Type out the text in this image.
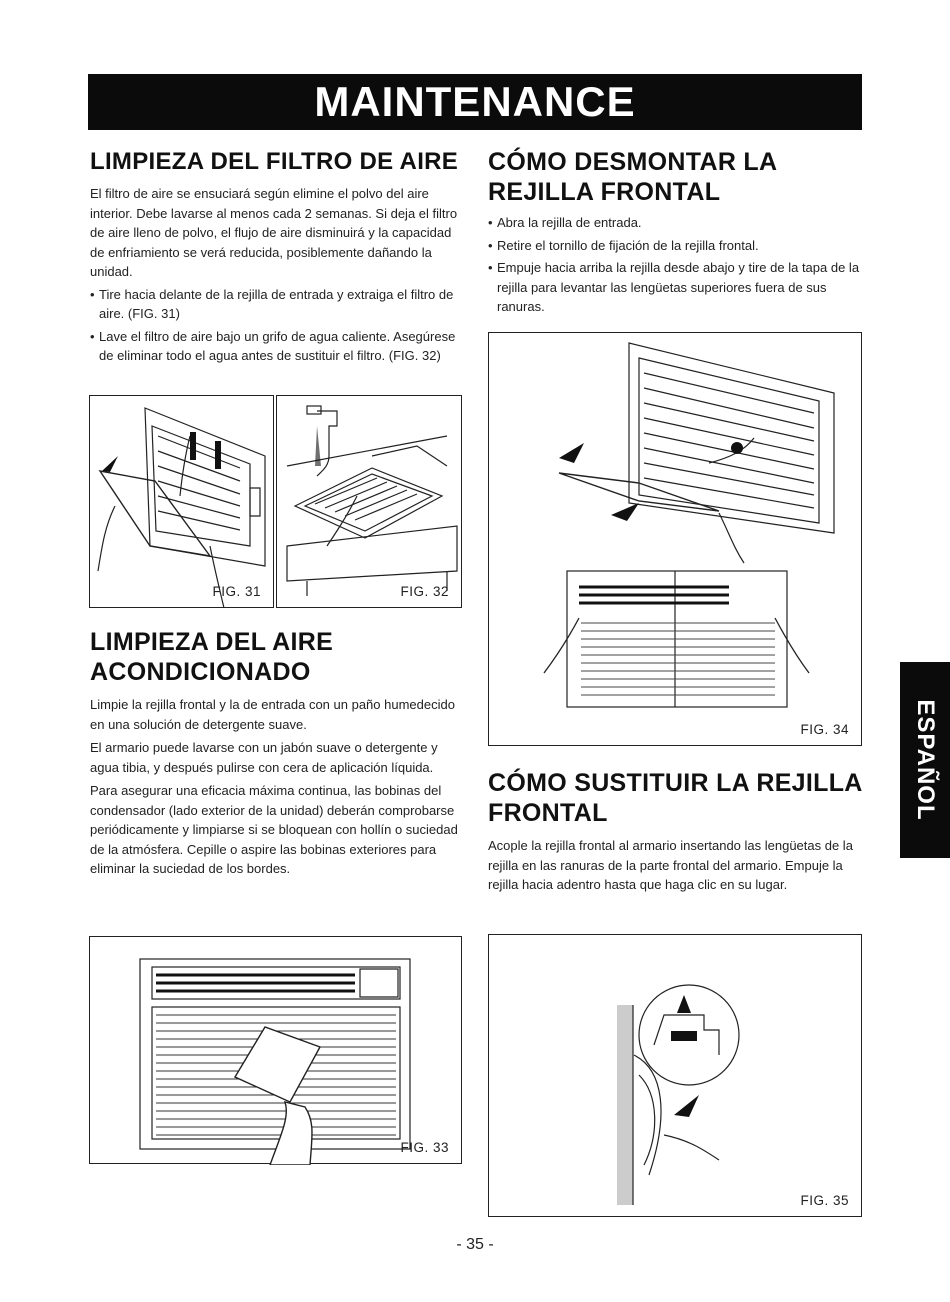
MAINTENANCE
ESPAÑOL
LIMPIEZA DEL FILTRO DE AIRE

El filtro de aire se ensuciará según elimine el polvo del aire interior. Debe lavarse al menos cada 2 semanas. Si deja el filtro de aire lleno de polvo, el flujo de aire disminuirá y la capacidad de enfriamiento se verá reducida, posiblemente dañando la unidad.

• Tire hacia delante de la rejilla de entrada y extraiga el filtro de aire. (FIG. 31)
• Lave el filtro de aire bajo un grifo de agua caliente. Asegúrese de eliminar todo el agua antes de sustituir el filtro. (FIG. 32)
FIG. 31	FIG. 32
LIMPIEZA DEL AIRE
ACONDICIONADO

Limpie la rejilla frontal y la de entrada con un paño humedecido en una solución de detergente suave.

El armario puede lavarse con un jabón suave o detergente y agua tibia, y después pulirse con cera de aplicación líquida.

Para asegurar una eficacia máxima continua, las bobinas del condensador (lado exterior de la unidad) deberán comprobarse periódicamente y limpiarse si se bloquean con hollín o suciedad de la atmósfera. Cepille o aspire las bobinas exteriores para eliminar la suciedad de los bordes.

FIG. 33
CÓMO DESMONTAR LA
REJILLA FRONTAL
• Abra la rejilla de entrada.
• Retire el tornillo de fijación de la rejilla frontal.
• Empuje hacia arriba la rejilla desde abajo y tire de la tapa de la rejilla para levantar las lengüetas superiores fuera de sus ranuras.
FIG. 34
CÓMO SUSTITUIR LA REJILLA
FRONTAL

Acople la rejilla frontal al armario insertando las lengüetas de la rejilla en las ranuras de la parte frontal del armario. Empuje la rejilla hacia adentro hasta que haga clic en su lugar.

FIG. 35
- 35 -
